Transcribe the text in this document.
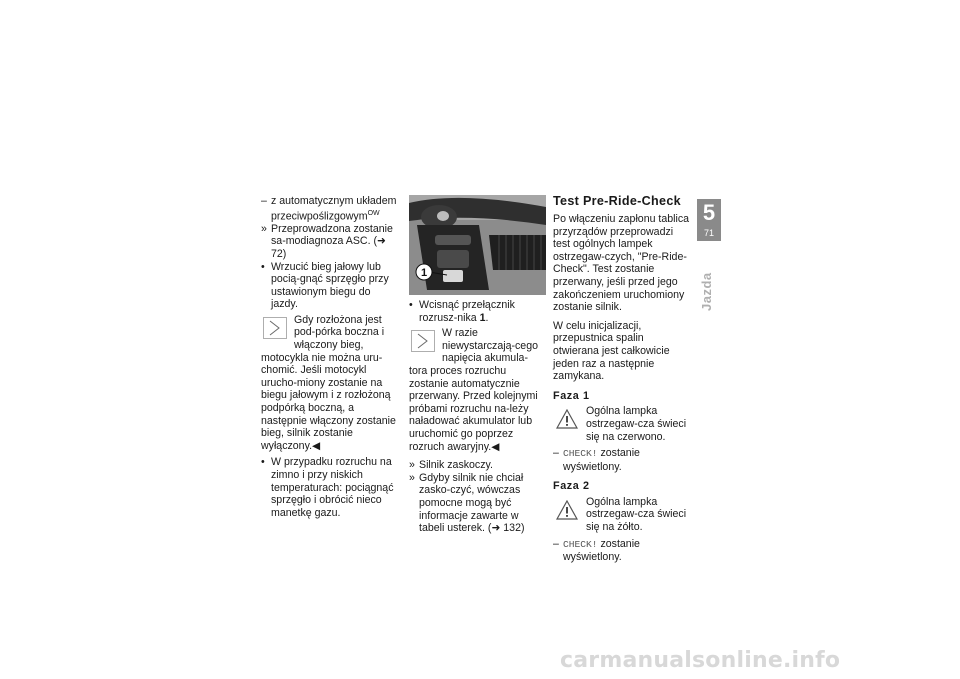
– z automatycznym układem przeciwpoślizgowym$^{OW}$

» Przeprowadzona zostanie sa-modiagnoza ASC. (➜ 72)

• Wrzucić bieg jałowy lub pocią-gnąć sprzęgło przy ustawionym biegu do jazdy.

Gdy rozłożona jest pod-pórka boczna i włączony bieg, motocykla nie można uru-chomić. Jeśli motocykl urucho-miony zostanie na biegu jałowym i z rozłożoną podpórką boczną, a następnie włączony zostanie bieg, silnik zostanie wyłączony.◀

• W przypadku rozruchu na zimno i przy niskich temperaturach: pociągnąć sprzęgło i obrócić nieco manetkę gazu.

1

• Wcisnąć przełącznik rozrusz-nika 1.

W razie niewystarczają-cego napięcia akumula-tora proces rozruchu zostanie automatycznie przerwany. Przed kolejnymi próbami rozruchu na-leży naładować akumulator lub uruchomić go poprzez rozruch awaryjny.◀

» Silnik zaskoczy.

» Gdyby silnik nie chciał zasko-czyć, wówczas pomocne mogą być informacje zawarte w tabeli usterek. (➜ 132)

Test Pre-Ride-Check

Po włączeniu zapłonu tablica przyrządów przeprowadzi test ogólnych lampek ostrzegaw-czych, "Pre-Ride-Check". Test zostanie przerwany, jeśli przed jego zakończeniem uruchomiony zostanie silnik.

W celu inicjalizacji, przepustnica spalin otwierana jest całkowicie jeden raz a następnie zamykana.

Faza 1
Ogólna lampka ostrzegaw-cza świeci się na czerwono.

– CHECK! zostanie wyświetlony.

Faza 2
Ogólna lampka ostrzegaw-cza świeci się na żółto.

– CHECK! zostanie wyświetlony.

5
71
Jazda
carmanualsonline.info
